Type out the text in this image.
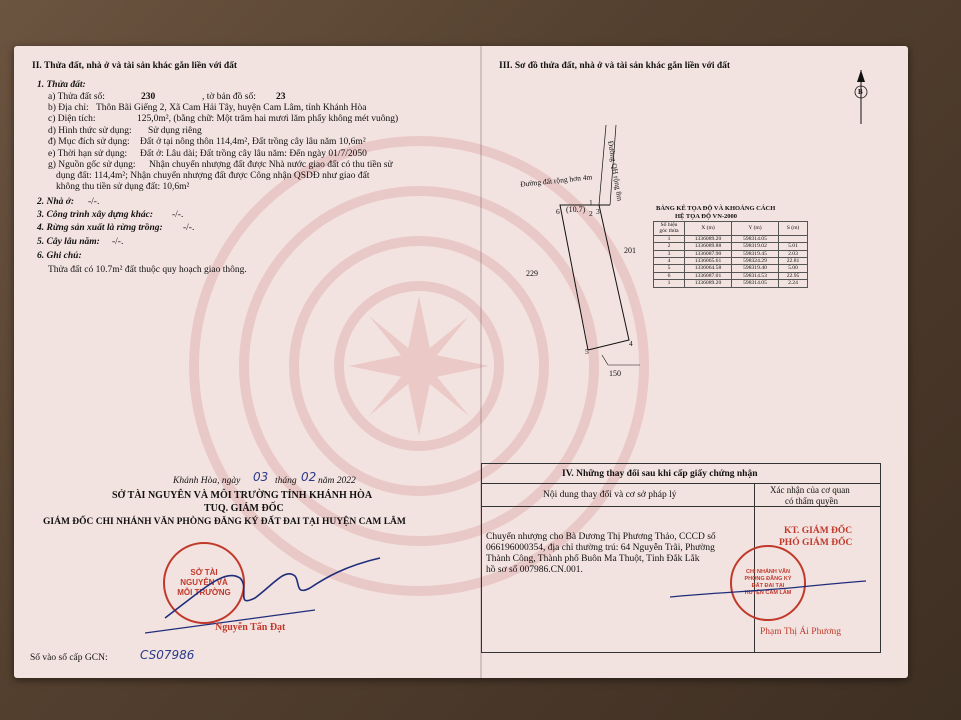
II. Thửa đất, nhà ở và tài sản khác gắn liền với đất
1. Thửa đất:
a) Thửa đất số:	230	, tờ bản đồ số: 23
b) Địa chỉ: Thôn Bãi Giếng 2, Xã Cam Hải Tây, huyện Cam Lâm, tỉnh Khánh Hòa
c) Diện tích:	125,0m², (bằng chữ: Một trăm hai mươi lăm phẩy không mét vuông)
d) Hình thức sử dụng: Sử dụng riêng
đ) Mục đích sử dụng: Đất ở tại nông thôn 114,4m², Đất trồng cây lâu năm 10,6m²
e) Thời hạn sử dụng: Đất ở: Lâu dài; Đất trồng cây lâu năm: Đến ngày 01/7/2050
g) Nguồn gốc sử dụng: Nhận chuyển nhượng đất được Nhà nước giao đất có thu tiền sử
dụng đất: 114,4m²; Nhận chuyển nhượng đất được Công nhận QSDĐ như giao đất
không thu tiền sử dụng đất: 10,6m²
2. Nhà ở: -/-.
3. Công trình xây dựng khác: -/-.
4. Rừng sản xuất là rừng trồng: -/-.
5. Cây lâu năm: -/-.
6. Ghi chú:
Thửa đất có 10.7m² đất thuộc quy hoạch giao thông.
Khánh Hòa, ngày 03 tháng 02 năm 2022
SỞ TÀI NGUYÊN VÀ MÔI TRƯỜNG TỈNH KHÁNH HÒA
TUQ. GIÁM ĐỐC
GIÁM ĐỐC CHI NHÁNH VĂN PHÒNG ĐĂNG KÝ ĐẤT ĐAI TẠI HUYỆN CAM LÂM
SỞ TÀI NGUYÊN VÀ MÔI TRƯỜNG
Nguyễn Tấn Đạt
Số vào sổ cấp GCN:	CS07986
III. Sơ đồ thửa đất, nhà ở và tài sản khác gắn liền với đất
B
Đường QH rộng 8m
Đường đất rộng hơn 4m
(10.7)
6
1
2 3
4
5
201
229
150
BẢNG KÊ TỌA ĐỘ VÀ KHOẢNG CÁCH
HỆ TỌA ĐỘ VN-2000
Số hiệu góc thửa	X (m)	Y (m)	S (m)
1	1336089.20	598314.05	
2	1336089.88	598319.02	5.01
3	1336087.90	598319.45	2.03
4	1336065.61	598324.29	22.81
5	1336064.58	598319.40	5.00
6	1336087.01	598314.53	22.95
1	1336089.20	598314.05	2.24
IV. Những thay đổi sau khi cấp giấy chứng nhận
Nội dung thay đổi và cơ sở pháp lý	Xác nhận của cơ quan
có thẩm quyền
Chuyển nhượng cho Bà Dương Thị Phương Thảo, CCCD số
066196000354, địa chỉ thường trú: 64 Nguyễn Trãi, Phường
Thành Công, Thành phố Buôn Ma Thuột, Tỉnh Đắk Lắk
hồ sơ số 007986.CN.001.
KT. GIÁM ĐỐC
PHÓ GIÁM ĐỐC
CHI NHÁNH VĂN PHÒNG ĐĂNG KÝ ĐẤT ĐAI TẠI HUYỆN CAM LÂM
Phạm Thị Ái Phương
